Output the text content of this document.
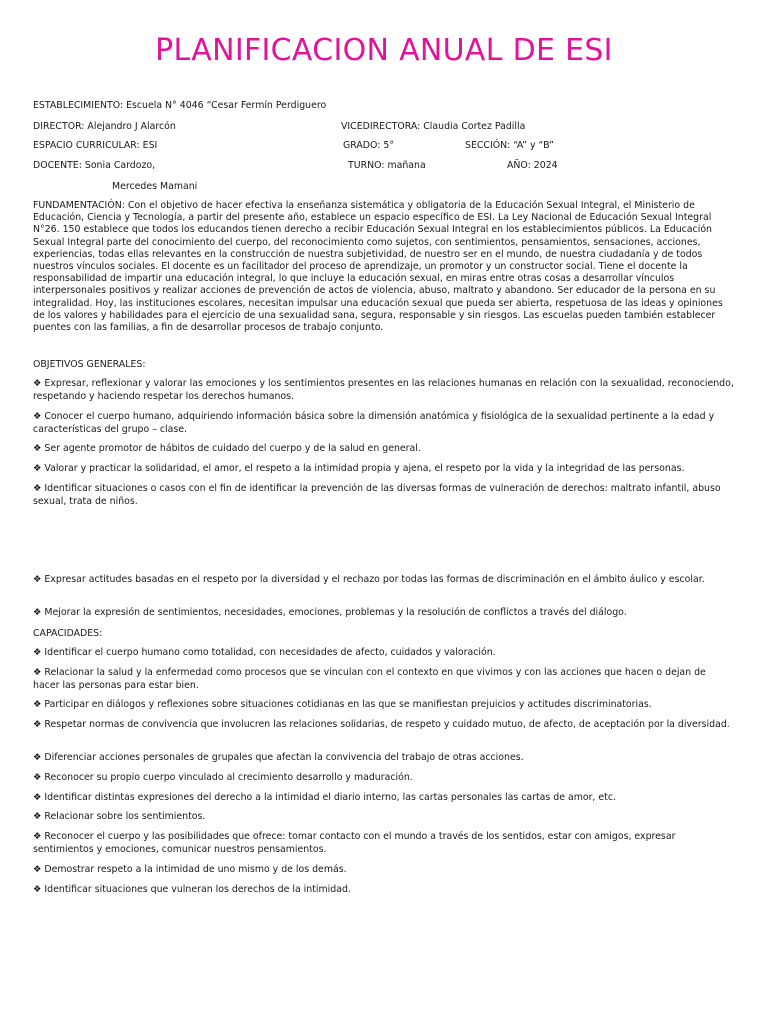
PLANIFICACION ANUAL DE ESI
ESTABLECIMIENTO: Escuela N° 4046 “Cesar Fermín Perdiguero
DIRECTOR: Alejandro J Alarcón	VICEDIRECTORA: Claudia Cortez Padilla
ESPACIO CURRICULAR: ESI	GRADO: 5°	SECCIÓN: “A” y “B”
DOCENTE: Sonia Cardozo,	TURNO: mañana	AÑO: 2024
Mercedes Mamani
FUNDAMENTACIÓN: Con el objetivo de hacer efectiva la enseñanza sistemática y obligatoria de la Educación Sexual Integral, el Ministerio de Educación, Ciencia y Tecnología, a partir del presente año, establece un espacio específico de ESI. La Ley Nacional de Educación Sexual Integral N°26. 150 establece que todos los educandos tienen derecho a recibir Educación Sexual Integral en los establecimientos públicos. La Educación Sexual Integral parte del conocimiento del cuerpo, del reconocimiento como sujetos, con sentimientos, pensamientos, sensaciones, acciones, experiencias, todas ellas relevantes en la construcción de nuestra subjetividad, de nuestro ser en el mundo, de nuestra ciudadanía y de todos nuestros vínculos sociales. El docente es un facilitador del proceso de aprendizaje, un promotor y un constructor social. Tiene el docente la responsabilidad de impartir una educación integral, lo que incluye la educación sexual, en miras entre otras cosas a desarrollar vínculos interpersonales positivos y realizar acciones de prevención de actos de violencia, abuso, maltrato y abandono. Ser educador de la persona en su integralidad. Hoy, las instituciones escolares, necesitan impulsar una educación sexual que pueda ser abierta, respetuosa de las ideas y opiniones de los valores y habilidades para el ejercicio de una sexualidad sana, segura, responsable y sin riesgos. Las escuelas pueden también establecer puentes con las familias, a fin de desarrollar procesos de trabajo conjunto.
OBJETIVOS GENERALES:
❖ Expresar, reflexionar y valorar las emociones y los sentimientos presentes en las relaciones humanas en relación con la sexualidad, reconociendo, respetando y haciendo respetar los derechos humanos.
❖ Conocer el cuerpo humano, adquiriendo información básica sobre la dimensión anatómica y fisiológica de la sexualidad pertinente a la edad y características del grupo – clase.
❖ Ser agente promotor de hábitos de cuidado del cuerpo y de la salud en general.
❖ Valorar y practicar la solidaridad, el amor, el respeto a la intimidad propia y ajena, el respeto por la vida y la integridad de las personas.
❖ Identificar situaciones o casos con el fin de identificar la prevención de las diversas formas de vulneración de derechos: maltrato infantil, abuso sexual, trata de niños.
❖ Expresar actitudes basadas en el respeto por la diversidad y el rechazo por todas las formas de discriminación en el ámbito áulico y escolar.
❖ Mejorar la expresión de sentimientos, necesidades, emociones, problemas y la resolución de conflictos a través del diálogo.
CAPACIDADES:
❖ Identificar el cuerpo humano como totalidad, con necesidades de afecto, cuidados y valoración.
❖ Relacionar la salud y la enfermedad como procesos que se vinculan con el contexto en que vivimos y con las acciones que hacen o dejan de hacer las personas para estar bien.
❖ Participar en diálogos y reflexiones sobre situaciones cotidianas en las que se manifiestan prejuicios y actitudes discriminatorias.
❖ Respetar normas de convivencia que involucren las relaciones solidarias, de respeto y cuidado mutuo, de afecto, de aceptación por la diversidad.
❖ Diferenciar acciones personales de grupales que afectan la convivencia del trabajo de otras acciones.
❖ Reconocer su propio cuerpo vinculado al crecimiento desarrollo y maduración.
❖ Identificar distintas expresiones del derecho a la intimidad el diario interno, las cartas personales las cartas de amor, etc.
❖ Relacionar sobre los sentimientos.
❖ Reconocer el cuerpo y las posibilidades que ofrece: tomar contacto con el mundo a través de los sentidos, estar con amigos, expresar sentimientos y emociones, comunicar nuestros pensamientos.
❖ Demostrar respeto a la intimidad de uno mismo y de los demás.
❖ Identificar situaciones que vulneran los derechos de la intimidad.
